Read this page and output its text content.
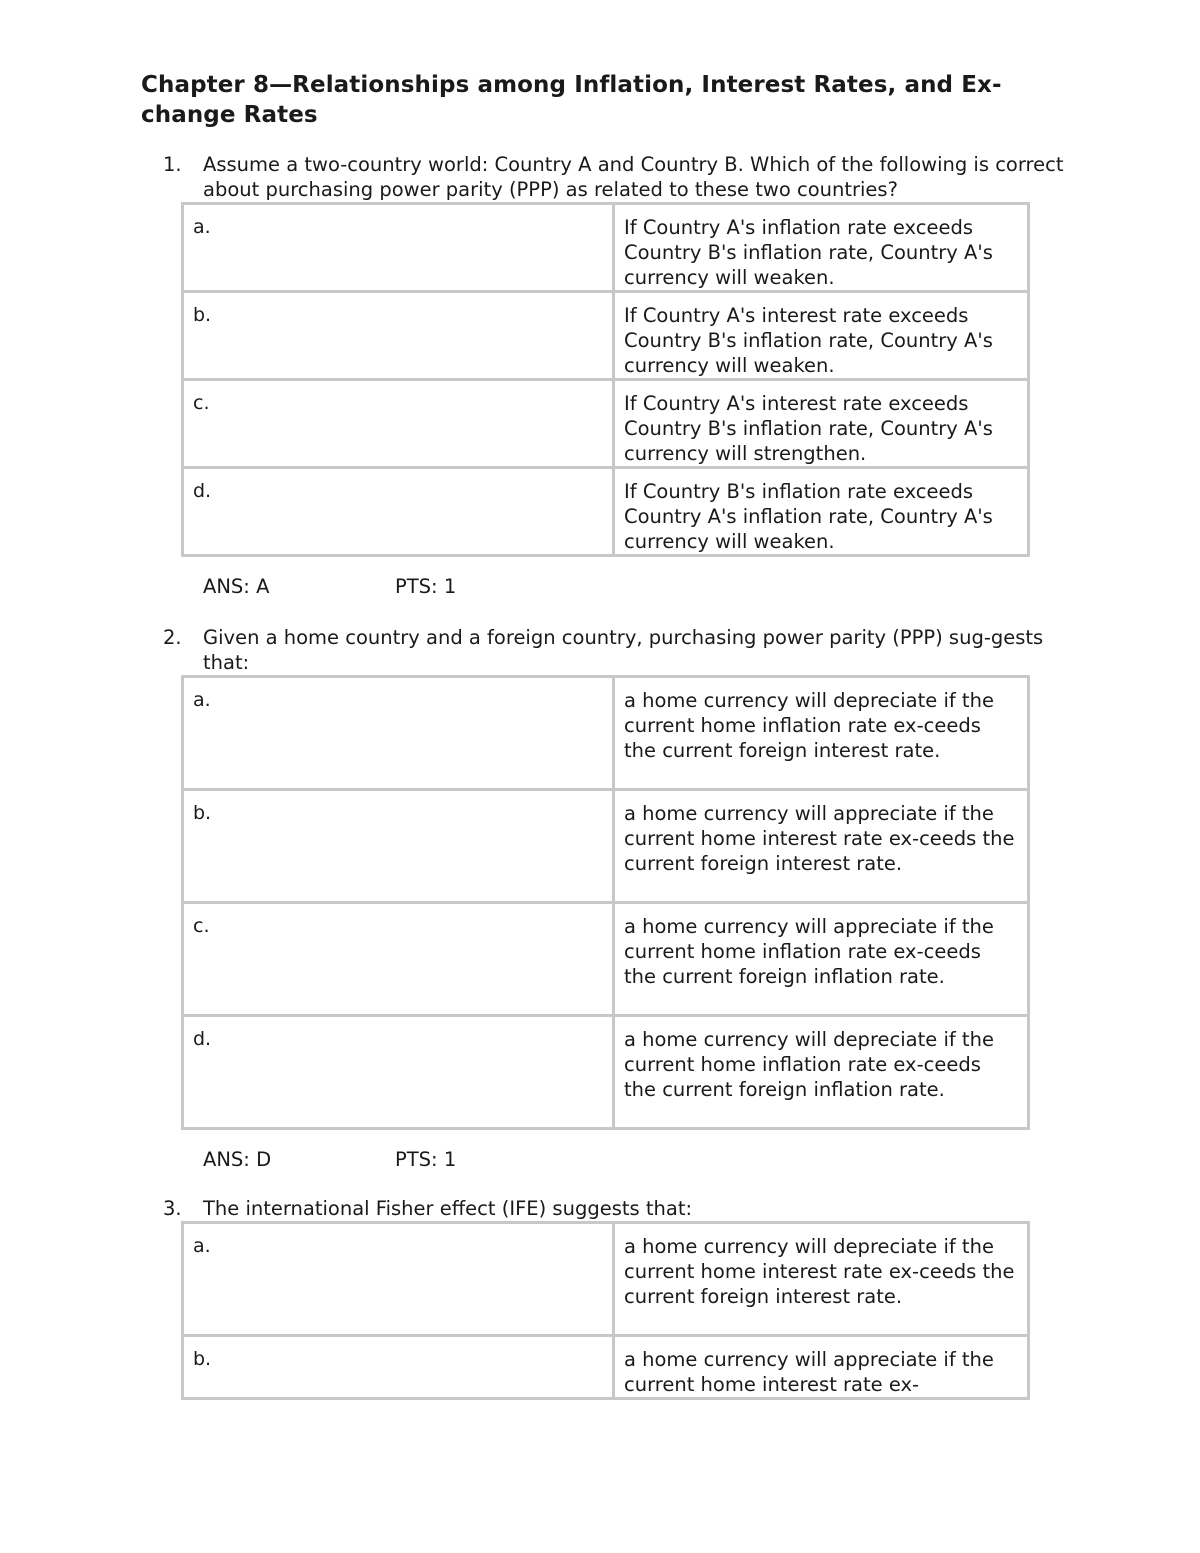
Chapter 8—Relationships among Inflation, Interest Rates, and Ex-change Rates

1. Assume a two-country world: Country A and Country B. Which of the following is correct about purchasing power parity (PPP) as related to these two countries?

a.	If Country A's inflation rate exceeds Country B's inflation rate, Country A's currency will weaken.
b.	If Country A's interest rate exceeds Country B's inflation rate, Country A's currency will weaken.
c.	If Country A's interest rate exceeds Country B's inflation rate, Country A's currency will strengthen.
d.	If Country B's inflation rate exceeds Country A's inflation rate, Country A's currency will weaken.
ANS: A	PTS: 1

2. Given a home country and a foreign country, purchasing power parity (PPP) sug-gests that:

a.	a home currency will depreciate if the current home inflation rate ex-ceeds the current foreign interest rate.
b.	a home currency will appreciate if the current home interest rate ex-ceeds the current foreign interest rate.
c.	a home currency will appreciate if the current home inflation rate ex-ceeds the current foreign inflation rate.
d.	a home currency will depreciate if the current home inflation rate ex-ceeds the current foreign inflation rate.
ANS: D	PTS: 1

3. The international Fisher effect (IFE) suggests that:

a.	a home currency will depreciate if the current home interest rate ex-ceeds the current foreign interest rate.
b.	a home currency will appreciate if the current home interest rate ex-
